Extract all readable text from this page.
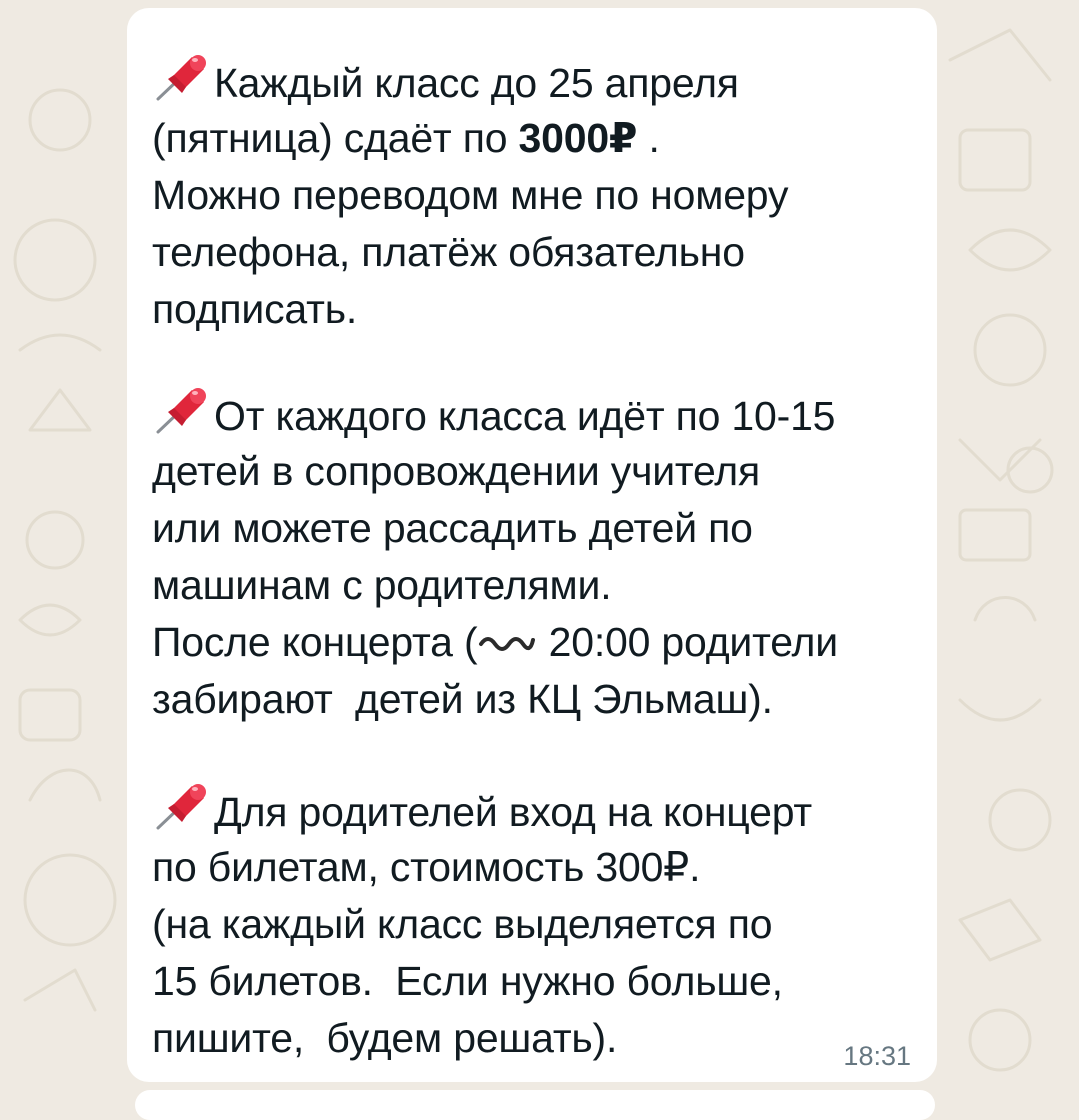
Каждый класс до 25 апреля
(пятница) сдаёт по 3000₽ .
Можно переводом мне по номеру
телефона, платёж обязательно
подписать.
От каждого класса идёт по 10-15
детей в сопровождении учителя
или можете рассадить детей по
машинам с родителями.
После концерта ( 20:00 родители
забирают  детей из КЦ Эльмаш).
Для родителей вход на концерт
по билетам, стоимость 300₽.
(на каждый класс выделяется по
15 билетов.  Если нужно больше,
пишите,  будем решать).	18:31
